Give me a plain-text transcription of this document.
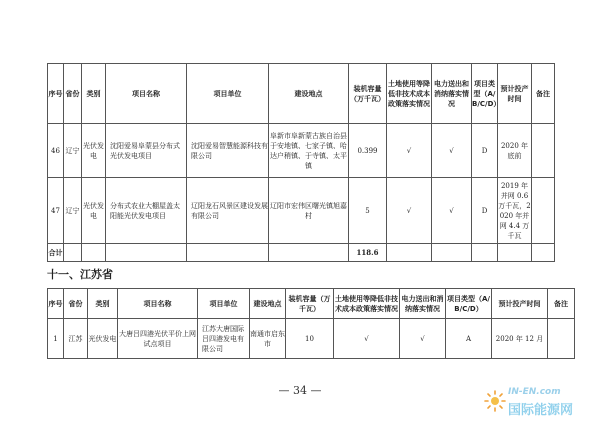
序号	省份	类别	项目名称	项目单位	建设地点	装机容量（万千瓦）	土地使用等降低非技术成本政策落实情况	电力送出和消纳落实情况	项目类型（A/B/C/D）	预计投产时间	备注
46	辽宁	光伏发电	沈阳爱易阜蒙县分布式光伏发电项目	沈阳爱易智慧能源科技有限公司	阜新市阜新蒙古族自治县于安地镇、七家子镇、哈达户稍镇、于寺镇、太平镇	0.399	√	√	D	2020 年底前	
47	辽宁	光伏发电	分布式农业大棚屋盖太阳能光伏发电项目	辽阳龙石风景区建设发展有限公司	辽阳市宏伟区曙光镇旭嘉村	5	√	√	D	2019 年并网 0.6 万千瓦，2020 年并网 4.4 万千瓦	
合计						118.6					
十一、江苏省
序号	省份	类别	项目名称	项目单位	建设地点	装机容量（万千瓦）	土地使用等降低非技术成本政策落实情况	电力送出和消纳落实情况	项目类型（A/B/C/D）	预计投产时间	备注
1	江苏	光伏发电	大唐吕四港光伏平价上网试点项目	江苏大唐国际吕四港发电有限公司	南通市启东市	10	√	√	A	2020 年 12 月	
— 34 —	IN-EN.com
国际能源网
